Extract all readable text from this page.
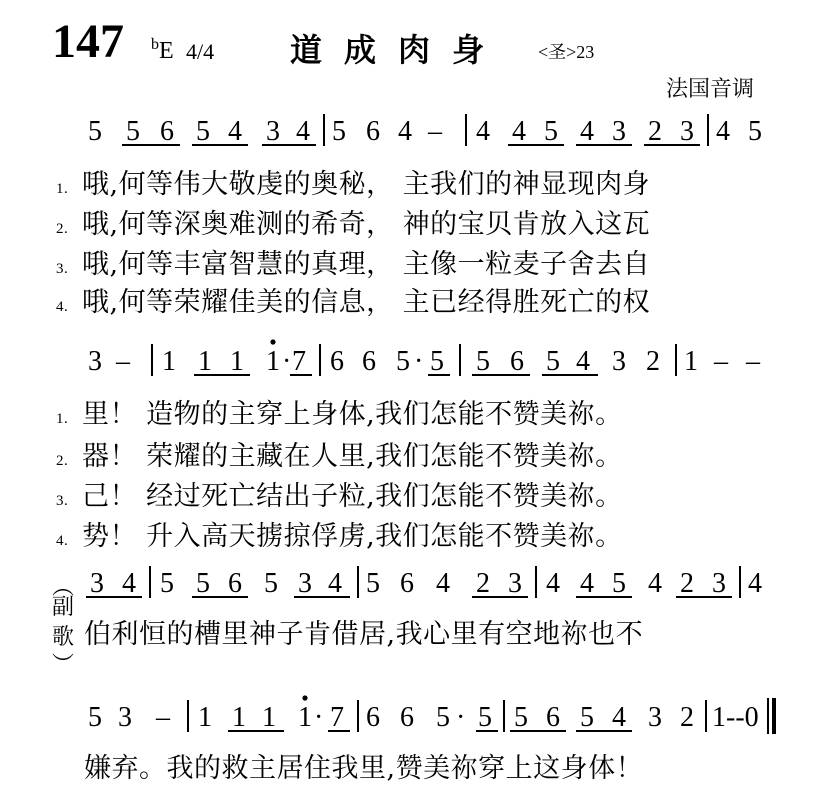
147 $^b$E 4/4 道成肉身 <圣>23
法国音调
5 5 6 5 4 3 4 5 6 4 – 4 4 5 4 3 2 3 4 5
3 – 1 1 1 1 · 7 6 6 5 · 5 5 6 5 4 3 2 1 – –
︵
副
歌
︶
3 4 5 5 6 5 3 4 5 6 4 2 3 4 4 5 4 2 3 4
5 3 – 1 1 1 1 · 7 6 6 5 · 5 5 6 5 4 3 2 1--0
1. 哦,何等伟大敬虔的奥秘， 主我们的神显现肉身
2. 哦,何等深奥难测的希奇， 神的宝贝肯放入这瓦
3. 哦,何等丰富智慧的真理， 主像一粒麦子舍去自
4. 哦,何等荣耀佳美的信息， 主已经得胜死亡的权
1. 里！ 造物的主穿上身体,我们怎能不赞美祢。
2. 器！ 荣耀的主藏在人里,我们怎能不赞美祢。
3. 己！ 经过死亡结出子粒,我们怎能不赞美祢。
4. 势！ 升入高天掳掠俘虏,我们怎能不赞美祢。
伯利恒的槽里神子肯借居,我心里有空地祢也不
嫌弃。我的救主居住我里,赞美祢穿上这身体！
